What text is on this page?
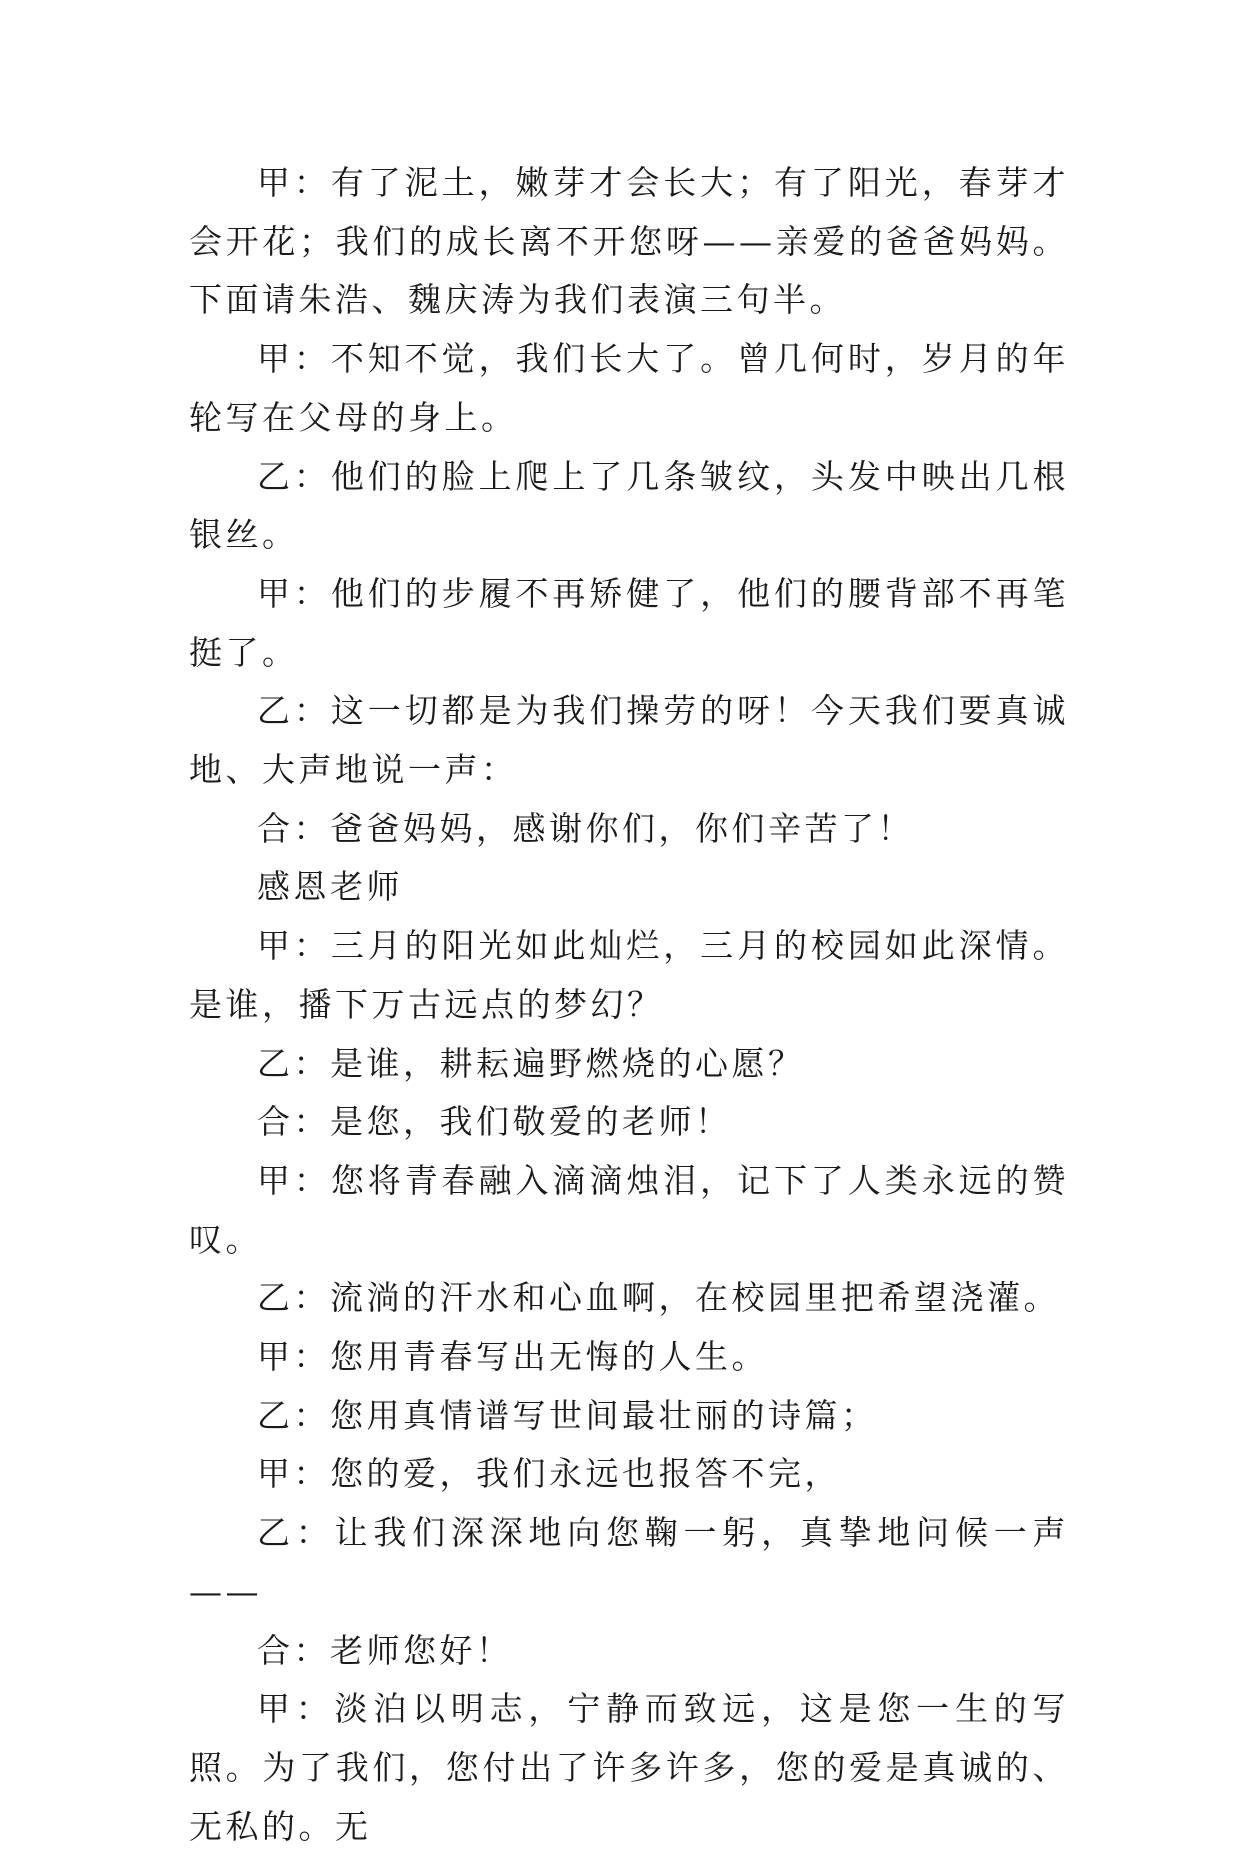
甲：有了泥土，嫩芽才会长大；有了阳光，春芽才会开花；我们的成长离不开您呀——亲爱的爸爸妈妈。下面请朱浩、魏庆涛为我们表演三句半。

甲：不知不觉，我们长大了。曾几何时，岁月的年轮写在父母的身上。

乙：他们的脸上爬上了几条皱纹，头发中映出几根银丝。

甲：他们的步履不再矫健了，他们的腰背部不再笔挺了。

乙：这一切都是为我们操劳的呀！今天我们要真诚地、大声地说一声：

合：爸爸妈妈，感谢你们，你们辛苦了！

感恩老师

甲：三月的阳光如此灿烂，三月的校园如此深情。是谁，播下万古远点的梦幻？

乙：是谁，耕耘遍野燃烧的心愿？

合：是您，我们敬爱的老师！

甲：您将青春融入滴滴烛泪，记下了人类永远的赞叹。

乙：流淌的汗水和心血啊，在校园里把希望浇灌。

甲：您用青春写出无悔的人生。

乙：您用真情谱写世间最壮丽的诗篇；

甲：您的爱，我们永远也报答不完，

乙：让我们深深地向您鞠一躬，真挚地问候一声——

合：老师您好！

甲：淡泊以明志，宁静而致远，这是您一生的写照。为了我们，您付出了许多许多，您的爱是真诚的、无私的。无
